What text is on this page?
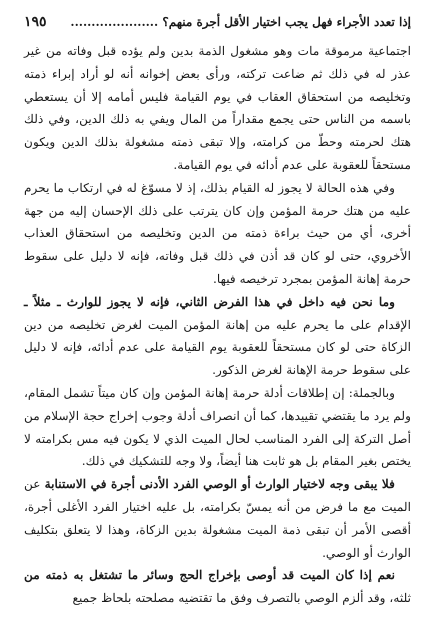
١٩٥ إذا تعدد الأجراء فهل يجب اختيار الأقل أجرة منهم؟ .....................

اجتماعية مرموقة مات وهو مشغول الذمة بدين ولم يؤده قبل وفاته من غير عذر له في ذلك ثم ضاعت تركته، ورأى بعض إخوانه أنه لو أراد إبراء ذمته وتخليصه من استحقاق العقاب في يوم القيامة فليس أمامه إلا أن يستعطي باسمه من الناس حتى يجمع مقداراً من المال ويفي به ذلك الدين، وفي ذلك هتك لحرمته وحطّ من كرامته، وإلا تبقى ذمته مشغولة بذلك الدين ويكون مستحقاً للعقوبة على عدم أدائه في يوم القيامة.

وفي هذه الحالة لا يجوز له القيام بذلك، إذ لا مسوّغ له في ارتكاب ما يحرم عليه من هتك حرمة المؤمن وإن كان يترتب على ذلك الإحسان إليه من جهة أخرى، أي من حيث براءة ذمته من الدين وتخليصه من استحقاق العذاب الأخروي، حتى لو كان قد أذن في ذلك قبل وفاته، فإنه لا دليل على سقوط حرمة إهانة المؤمن بمجرد ترخيصه فيها.

وما نحن فيه داخل في هذا الفرض الثاني، فإنه لا يجوز للوارث ـ مثلاً ـ الإقدام على ما يحرم عليه من إهانة المؤمن الميت لغرض تخليصه من دين الزكاة حتى لو كان مستحقاً للعقوبة يوم القيامة على عدم أدائه، فإنه لا دليل على سقوط حرمة الإهانة لغرض الذكور.

وبالجملة: إن إطلاقات أدلة حرمة إهانة المؤمن وإن كان ميتاً تشمل المقام، ولم يرد ما يقتضي تقييدها، كما أن انصراف أدلة وجوب إخراج حجة الإسلام من أصل التركة إلى الفرد المناسب لحال الميت الذي لا يكون فيه مس بكرامته لا يختص بغير المقام بل هو ثابت هنا أيضاً، ولا وجه للتشكيك في ذلك.

فلا يبقى وجه لاختيار الوارث أو الوصي الفرد الأدنى أجرة في الاستنابة عن الميت مع ما فرض من أنه يمسّ بكرامته، بل عليه اختيار الفرد الأغلى أجرة، أقصى الأمر أن تبقى ذمة الميت مشغولة بدين الزكاة، وهذا لا يتعلق بتكليف الوارث أو الوصي.

نعم إذا كان الميت قد أوصى بإخراج الحج وسائر ما تشتغل به ذمته من ثلثه، وقد ألزم الوصي بالتصرف وفق ما تقتضيه مصلحته بلحاظ جميع
